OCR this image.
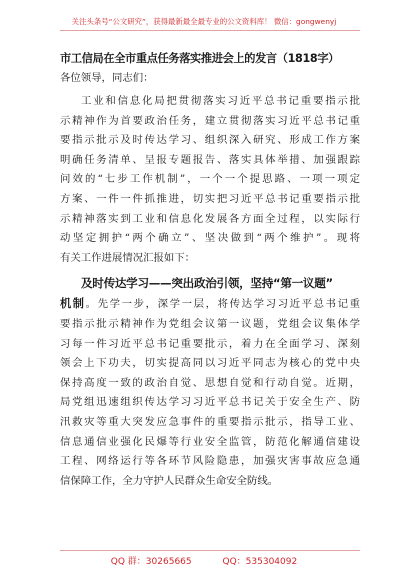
关注头条号“公文研究”，获得最新最全最专业的公文资料库！ 微信：gongwenyj
市工信局在全市重点任务落实推进会上的发言（1818字）
各位领导，同志们：
工业和信息化局把贯彻落实习近平总书记重要指示批
示精神作为首要政治任务，建立贯彻落实习近平总书记重
要指示批示及时传达学习、组织深入研究、形成工作方案
明确任务清单、呈报专题报告、落实具体举措、加强跟踪
问效的“七步工作机制”，一个一个提思路、一项一项定
方案、一件一件抓推进，切实把习近平总书记重要指示批
示精神落实到工业和信息化发展各方面全过程，以实际行
动坚定拥护“两个确立”、坚决做到“两个维护”。现将
有关工作进展情况汇报如下：
及时传达学习——突出政治引领，坚持“第一议题”
机制。先学一步，深学一层，将传达学习习近平总书记重
要指示批示精神作为党组会议第一议题，党组会议集体学
习每一件习近平总书记重要批示，着力在全面学习、深刻
领会上下功夫，切实提高同以习近平同志为核心的党中央
保持高度一致的政治自觉、思想自觉和行动自觉。近期，
局党组迅速组织传达学习习近平总书记关于安全生产、防
汛救灾等重大突发应急事件的重要指示批示，指导工业、
信息通信业强化民爆等行业安全监管，防范化解通信建设
工程、网络运行等各环节风险隐患，加强灾害事故应急通
信保障工作，全力守护人民群众生命安全防线。
QQ 群：30265665	QQ：535304092
